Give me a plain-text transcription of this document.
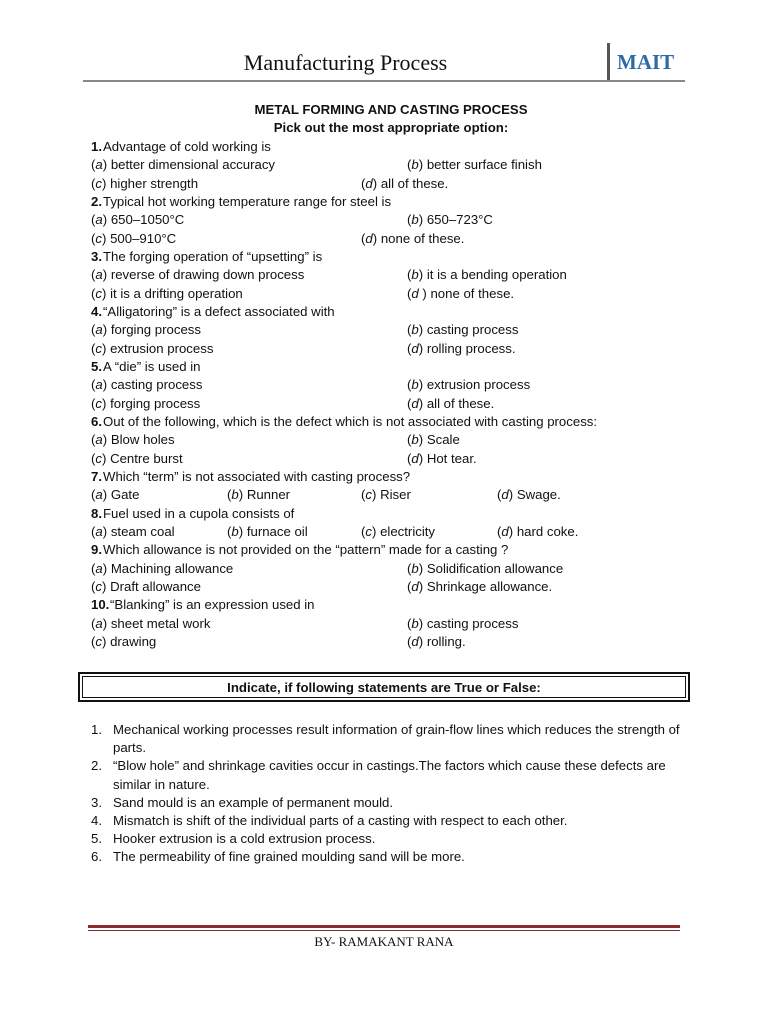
Manufacturing Process	MAIT
METAL FORMING AND CASTING PROCESS
Pick out the most appropriate option:
1. Advantage of cold working is
(a) better dimensional accuracy	(b) better surface finish
(c) higher strength	(d) all of these.
2. Typical hot working temperature range for steel is
(a) 650–1050°C	(b) 650–723°C
(c) 500–910°C	(d) none of these.
3. The forging operation of “upsetting” is
(a) reverse of drawing down process	(b) it is a bending operation
(c) it is a drifting operation	(d ) none of these.
4. “Alligatoring” is a defect associated with
(a) forging process	(b) casting process
(c) extrusion process	(d) rolling process.
5. A “die” is used in
(a) casting process	(b) extrusion process
(c) forging process	(d) all of these.
6. Out of the following, which is the defect which is not associated with casting process:
(a) Blow holes	(b) Scale
(c) Centre burst	(d) Hot tear.
7. Which “term” is not associated with casting process?
(a) Gate	(b) Runner	(c) Riser	(d) Swage.
8. Fuel used in a cupola consists of
(a) steam coal	(b) furnace oil	(c) electricity	(d) hard coke.
9. Which allowance is not provided on the “pattern” made for a casting ?
(a) Machining allowance	(b) Solidification allowance
(c) Draft allowance	(d) Shrinkage allowance.
10. “Blanking” is an expression used in
(a) sheet metal work	(b) casting process
(c) drawing	(d) rolling.
Indicate, if following statements are True or False:
1. Mechanical working processes result information of grain-flow lines which reduces the strength of parts.
2. “Blow hole” and shrinkage cavities occur in castings.The factors which cause these defects are similar in nature.
3. Sand mould is an example of permanent mould.
4. Mismatch is shift of the individual parts of a casting with respect to each other.
5. Hooker extrusion is a cold extrusion process.
6. The permeability of fine grained moulding sand will be more.
BY- RAMAKANT RANA
